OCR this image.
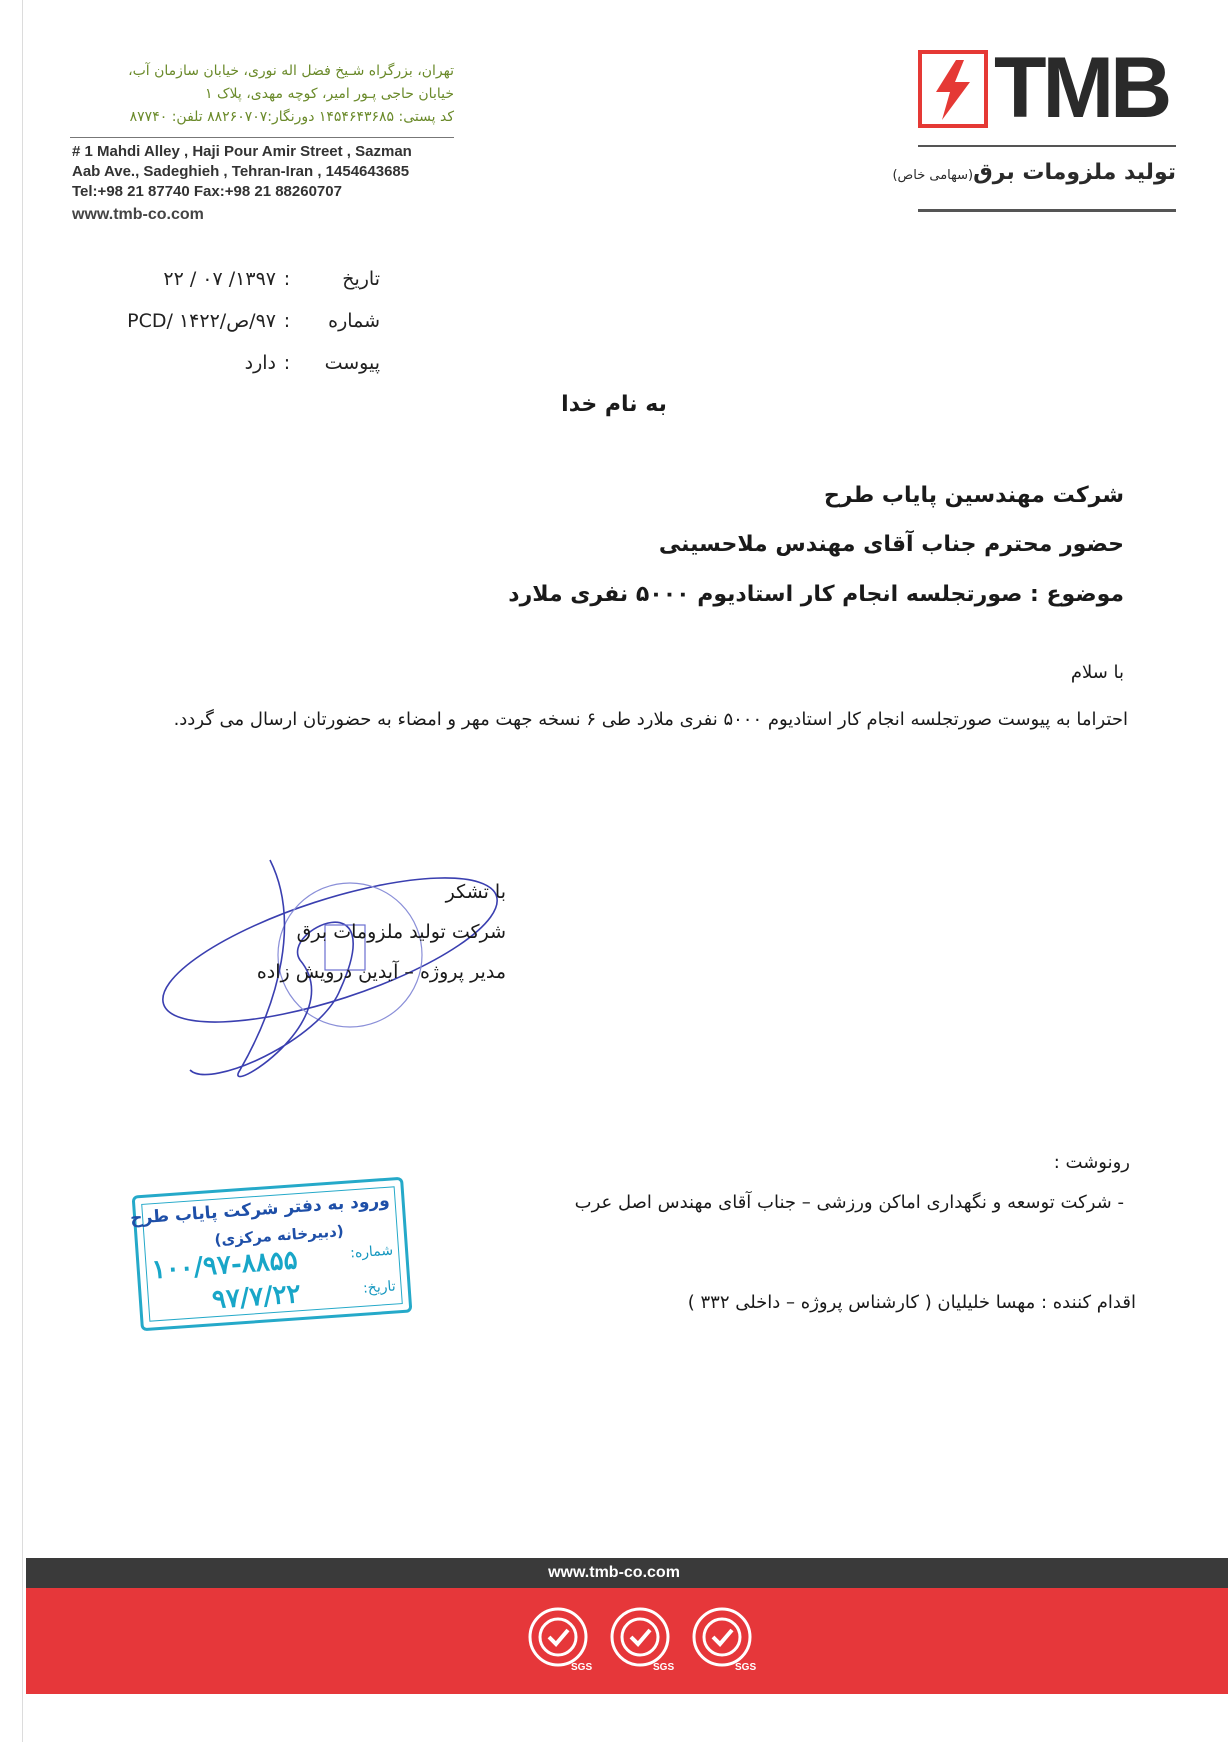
TMB
تولید ملزومات برق(سهامی خاص)
تهران، بزرگراه شـیخ فضل اله نوری، خیابان سازمان آب،
خیابان حاجی پـور امیر، کوچه مهدی، پلاک ۱
کد پستی: ۱۴۵۴۶۴۳۶۸۵ دورنگار:۸۸۲۶۰۷۰۷ تلفن: ۸۷۷۴۰
# 1 Mahdi Alley , Haji Pour Amir Street , Sazman
Aab Ave., Sadeghieh , Tehran-Iran , 1454643685
Tel:+98 21 87740 Fax:+98 21 88260707
www.tmb-co.com
تاریخ:۱۳۹۷/ ۰۷ / ۲۲
شماره:۹۷/ص/PCD/ ۱۴۲۲
پیوست:دارد
به نام خدا
شرکت مهندسین پایاب طرح
حضور محترم جناب آقای مهندس ملاحسینی
موضوع : صورتجلسه انجام کار استادیوم ۵۰۰۰ نفری ملارد
با سلام
احتراما به پیوست صورتجلسه انجام کار استادیوم ۵۰۰۰ نفری ملارد طی ۶ نسخه جهت مهر و امضاء به حضورتان ارسال می گردد.
با تشکر
شرکت تولید ملزومات برق
مدیر پروژه – آیدین درویش زاده
رونوشت :
- شرکت توسعه و نگهداری اماکن ورزشی – جناب آقای مهندس اصل عرب
اقدام کننده : مهسا خلیلیان ( کارشناس پروژه – داخلی ۳۳۲ )
ورود به دفتر شرکت پایاب طرح
(دبیرخانه مرکزی)
شماره:
تاریخ:
۱۰۰/۹۷-۸۸۵۵
۹۷/۷/۲۲
www.tmb-co.com
SGS	SGS	SGS
